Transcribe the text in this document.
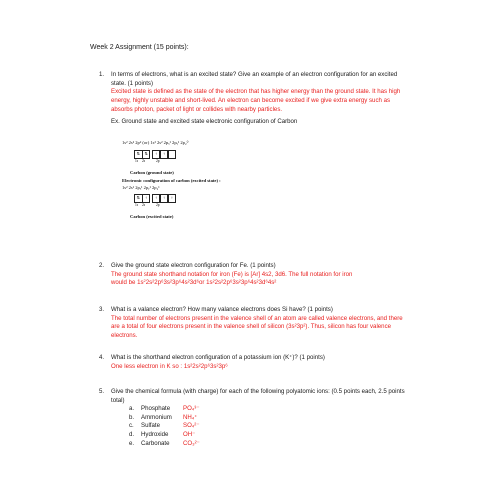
Week 2 Assignment (15 points):
1. In terms of electrons, what is an excited state? Give an example of an electron configuration for an excited state. (1 points)
Excited state is defined as the state of the electron that has higher energy than the ground state. It has high energy, highly unstable and short-lived. An electron can become excited if we give extra energy such as absorbs photon, packet of light or collides with nearby particles.
Ex. Ground state and excited state electronic configuration of Carbon
1s² 2s² 2p² (or) 1s² 2s² 2pₓ¹ 2pᵧ¹ 2p₂⁰
⇅	⇅	↑	↑
1s 2s	2p
Carbon (ground state)
Electronic configuration of carbon (excited state) :
1s² 2s¹ 2pₓ¹ 2pᵧ¹ 2p₂¹
⇅	↑	↑	↑	↑
1s 2s	2p
Carbon (excited state)
2. Give the ground state electron configuration for Fe. (1 points)
The ground state shorthand notation for iron (Fe) is [Ar] 4s2, 3d6. The full notation for iron
would be $1s^22s^22p^63s^23p^64s^23d^6or$ 1s²2s²2p⁶3s²3p⁶4s²3d⁶4s²
3. What is a valance electron? How many valance electrons does Si have? (1 points)
The total number of electrons present in the valence shell of an atom are called valence electrons, and there are a total of four electrons present in the valence shell of silicon (3s²3p²). Thus, silicon has four valence electrons.
4. What is the shorthand electron configuration of a potassium ion (K⁺)? (1 points)
One less electron in K so : 1s²2s²2p⁶3s²3p⁶
5. Give the chemical formula (with charge) for each of the following polyatomic ions: (0.5 points each, 2.5 points total)
a.	Phosphate	PO₄³⁻
b.	Ammonium	NH₄⁺
c.	Sulfate	SO₄²⁻
d.	Hydroxide	OH⁻
e.	Carbonate	CO₃²⁻
